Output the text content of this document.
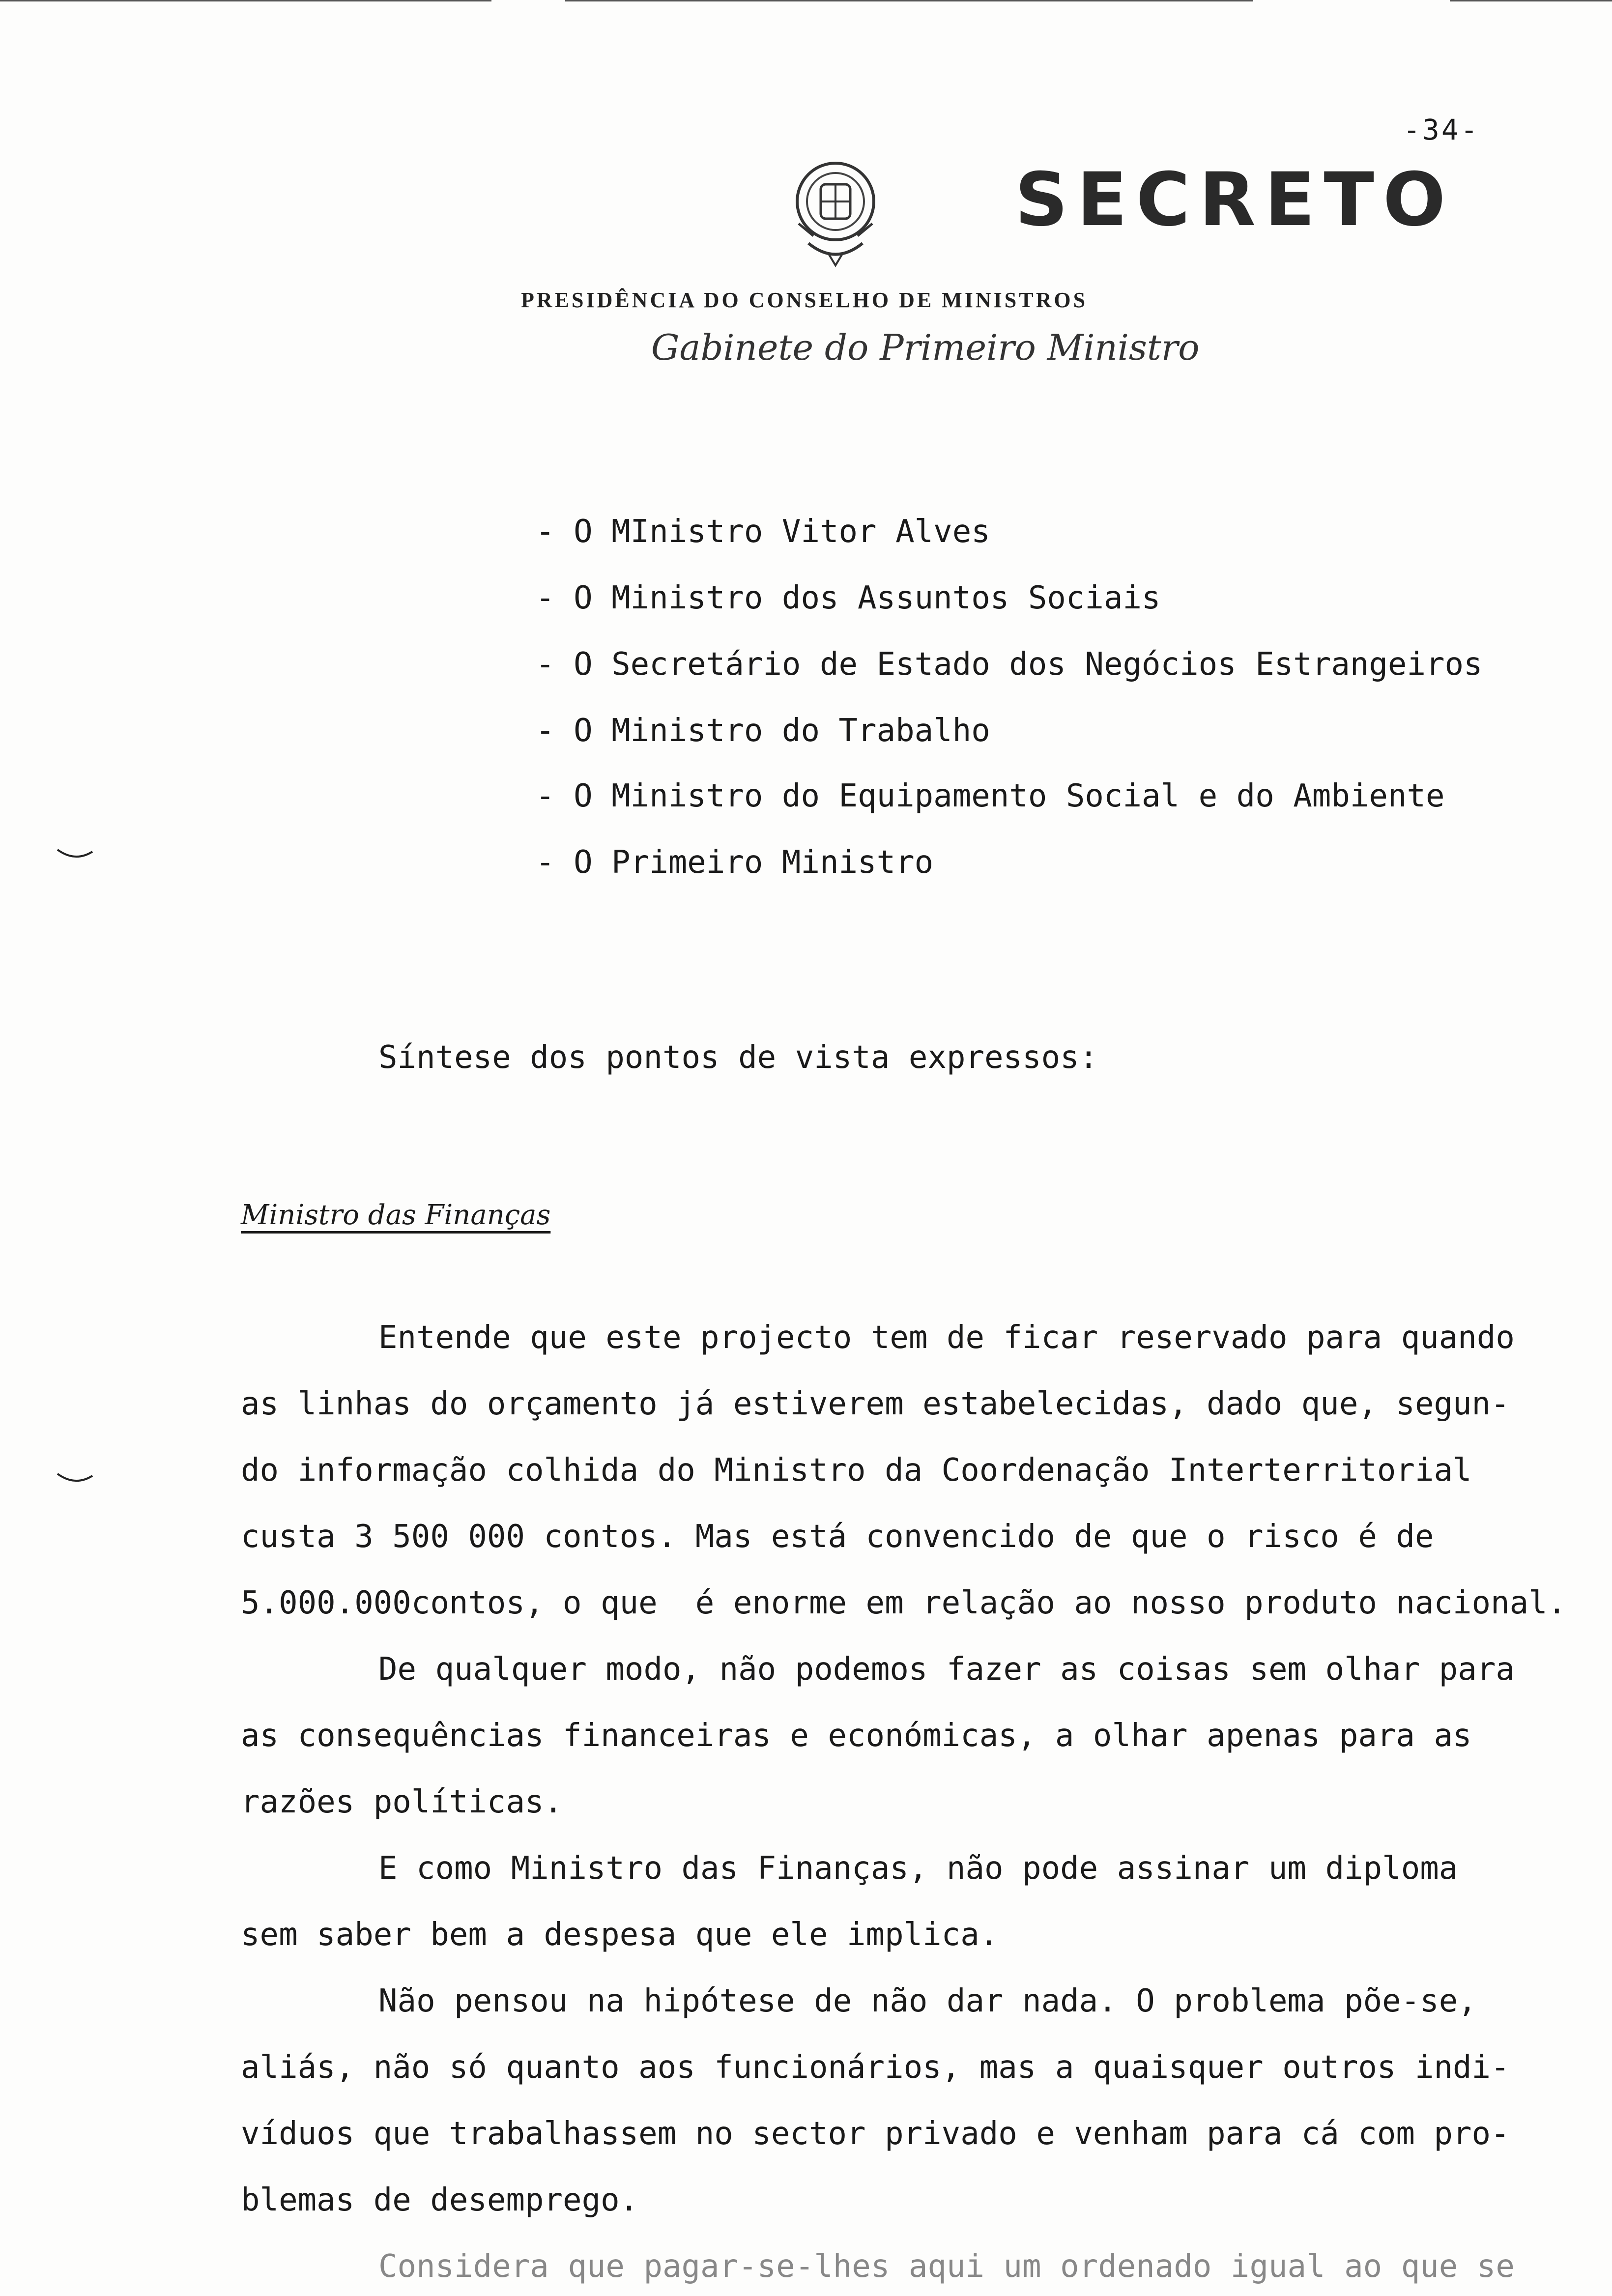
-34-
SECRETO
PRESIDÊNCIA DO CONSELHO DE MINISTROS
Gabinete do Primeiro Ministro
- O MInistro Vitor Alves
- O Ministro dos Assuntos Sociais
- O Secretário de Estado dos Negócios Estrangeiros
- O Ministro do Trabalho
- O Ministro do Equipamento Social e do Ambiente
- O Primeiro Ministro
Síntese dos pontos de vista expressos:
Ministro das Finanças
Entende que este projecto tem de ficar reservado para quando
as linhas do orçamento já estiverem estabelecidas, dado que, segun-
do informação colhida do Ministro da Coordenação Interterritorial
custa 3 500 000 contos. Mas está convencido de que o risco é de
5.000.000contos, o que  é enorme em relação ao nosso produto nacional.
De qualquer modo, não podemos fazer as coisas sem olhar para
as consequências financeiras e económicas, a olhar apenas para as
razões políticas.
E como Ministro das Finanças, não pode assinar um diploma
sem saber bem a despesa que ele implica.
Não pensou na hipótese de não dar nada. O problema põe-se,
aliás, não só quanto aos funcionários, mas a quaisquer outros indi-
víduos que trabalhassem no sector privado e venham para cá com pro-
blemas de desemprego.
Considera que pagar-se-lhes aqui um ordenado igual ao que se
